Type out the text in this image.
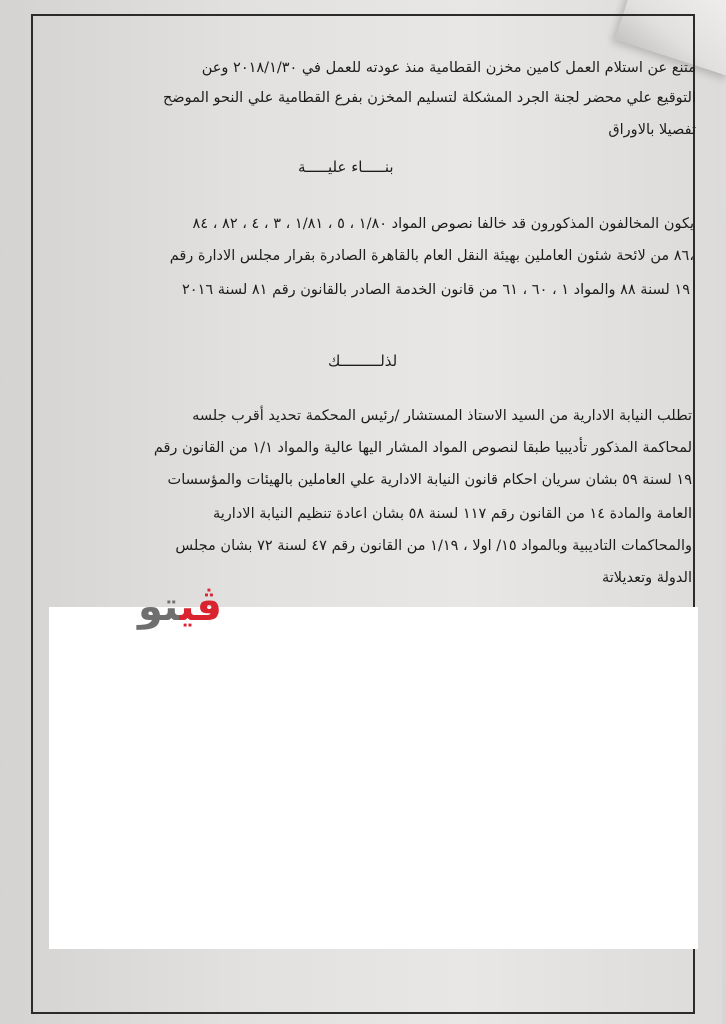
متنع عن استلام العمل كامين مخزن القطامية منذ عودته للعمل في ٢٠١٨/١/٣٠ وعن
التوقيع علي محضر لجنة الجرد المشكلة لتسليم المخزن بفرع القطامية علي النحو الموضح
تفصيلا بالاوراق
بنـــــاء عليـــــة
يكون المخالفون المذكورون قد خالفا نصوص المواد ١/٨٠ ، ٥ ، ١/٨١ ، ٣ ، ٤ ، ٨٢ ، ٨٤
،٨٦ من لائحة شئون العاملين بهيئة النقل العام بالقاهرة الصادرة بقرار مجلس الادارة رقم
١٩ لسنة ٨٨ والمواد ١ ، ٦٠ ، ٦١ من قانون الخدمة الصادر بالقانون رقم ٨١ لسنة ٢٠١٦
لذلـــــــــك
تطلب النيابة الادارية من السيد الاستاذ المستشار /رئيس المحكمة تحديد أقرب جلسه
لمحاكمة المذكور تأديبيا طبقا لنصوص المواد المشار اليها عالية والمواد ١/١ من القانون رقم
١٩ لسنة ٥٩ بشان سريان احكام قانون النيابة الادارية علي العاملين بالهيئات والمؤسسات
العامة والمادة ١٤ من القانون رقم ١١٧ لسنة ٥٨ بشان اعادة تنظيم النيابة الادارية
والمحاكمات التاديبية وبالمواد ١٥/ اولا ، ١/١٩ من القانون رقم ٤٧ لسنة ٧٢ بشان مجلس
الدولة وتعديلاتة
ڤيتو
